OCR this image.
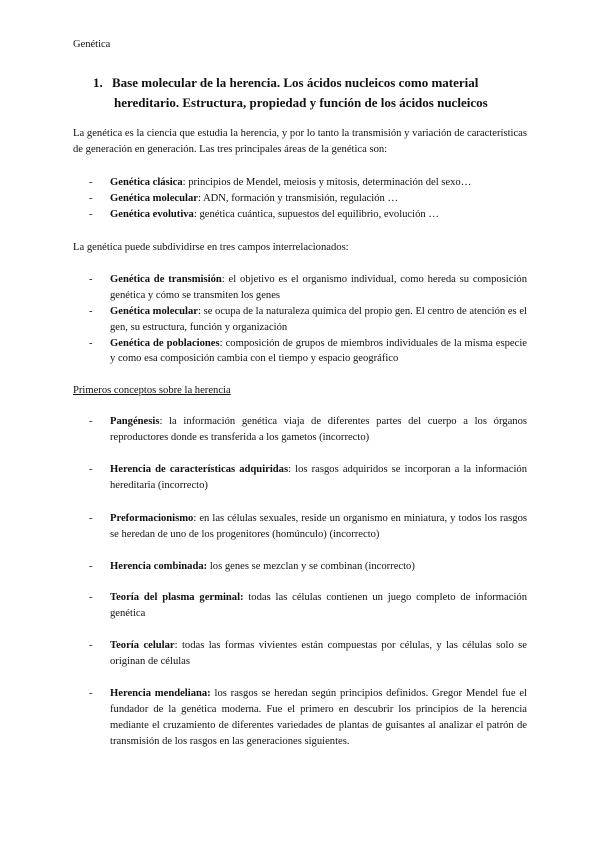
Genética
1. Base molecular de la herencia. Los ácidos nucleicos como material
hereditario. Estructura, propiedad y función de los ácidos nucleicos

La genética es la ciencia que estudia la herencia, y por lo tanto la transmisión y variación de características de generación en generación. Las tres principales áreas de la genética son:

- Genética clásica: principios de Mendel, meiosis y mitosis, determinación del sexo…
- Genética molecular: ADN, formación y transmisión, regulación …
- Genética evolutiva: genética cuántica, supuestos del equilibrio, evolución …

La genética puede subdividirse en tres campos interrelacionados:

- Genética de transmisión: el objetivo es el organismo individual, como hereda su composición genética y cómo se transmiten los genes
- Genética molecular: se ocupa de la naturaleza química del propio gen. El centro de atención es el gen, su estructura, función y organización
- Genética de poblaciones: composición de grupos de miembros individuales de la misma especie y como esa composición cambia con el tiempo y espacio geográfico

Primeros conceptos sobre la herencia

- Pangénesis: la información genética viaja de diferentes partes del cuerpo a los órganos reproductores donde es transferida a los gametos (incorrecto)
- Herencia de características adquiridas: los rasgos adquiridos se incorporan a la información hereditaria (incorrecto)
- Preformacionismo: en las células sexuales, reside un organismo en miniatura, y todos los rasgos se heredan de uno de los progenitores (homúnculo) (incorrecto)
- Herencia combinada: los genes se mezclan y se combinan (incorrecto)
- Teoría del plasma germinal: todas las células contienen un juego completo de información genética
- Teoría celular: todas las formas vivientes están compuestas por células, y las células solo se originan de células
- Herencia mendeliana: los rasgos se heredan según principios definidos. Gregor Mendel fue el fundador de la genética moderna. Fue el primero en descubrir los principios de la herencia mediante el cruzamiento de diferentes variedades de plantas de guisantes al analizar el patrón de transmisión de los rasgos en las generaciones siguientes.
